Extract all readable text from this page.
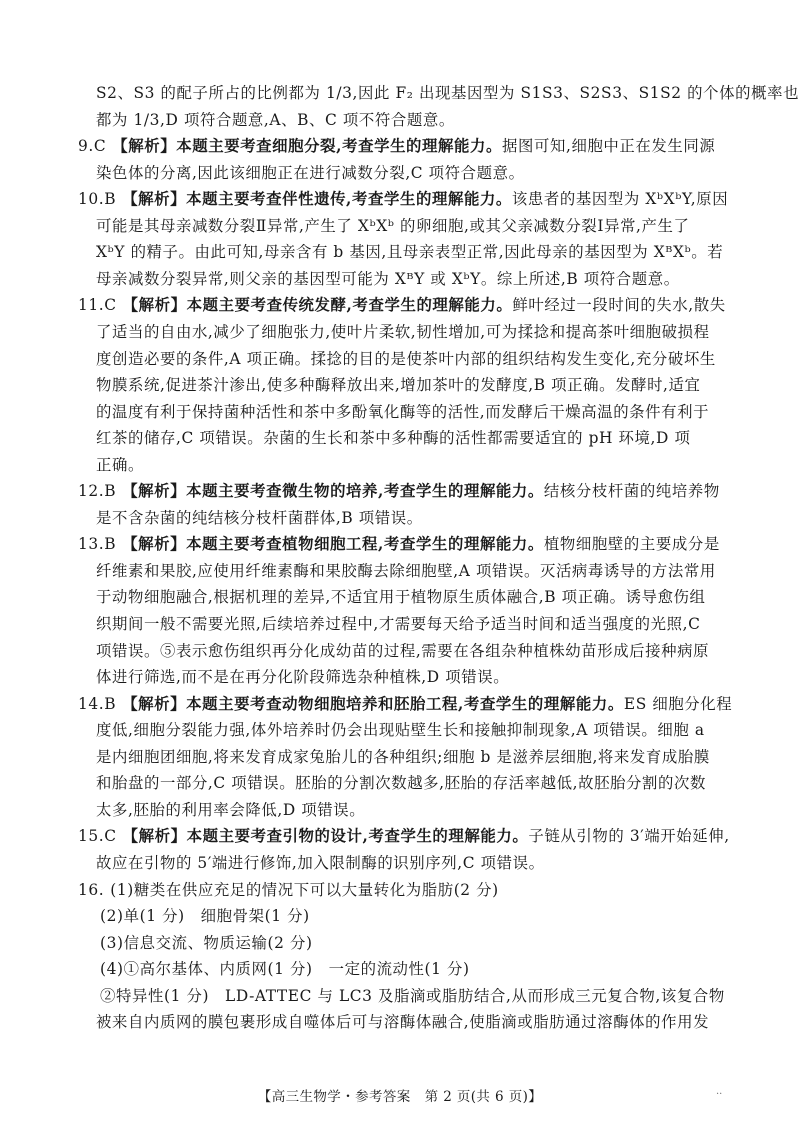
S2、S3 的配子所占的比例都为 1/3,因此 F₂ 出现基因型为 S1S3、S2S3、S1S2 的个体的概率也
都为 1/3,D 项符合题意,A、B、C 项不符合题意。
9.C 【解析】本题主要考查细胞分裂,考查学生的理解能力。据图可知,细胞中正在发生同源
染色体的分离,因此该细胞正在进行减数分裂,C 项符合题意。
10.B 【解析】本题主要考查伴性遗传,考查学生的理解能力。该患者的基因型为 XᵇXᵇY,原因
可能是其母亲减数分裂Ⅱ异常,产生了 XᵇXᵇ 的卵细胞,或其父亲减数分裂Ⅰ异常,产生了
XᵇY 的精子。由此可知,母亲含有 b 基因,且母亲表型正常,因此母亲的基因型为 XᴮXᵇ。若
母亲减数分裂异常,则父亲的基因型可能为 XᴮY 或 XᵇY。综上所述,B 项符合题意。
11.C 【解析】本题主要考查传统发酵,考查学生的理解能力。鲜叶经过一段时间的失水,散失
了适当的自由水,减少了细胞张力,使叶片柔软,韧性增加,可为揉捻和提高茶叶细胞破损程
度创造必要的条件,A 项正确。揉捻的目的是使茶叶内部的组织结构发生变化,充分破坏生
物膜系统,促进茶汁渗出,使多种酶释放出来,增加茶叶的发酵度,B 项正确。发酵时,适宜
的温度有利于保持菌种活性和茶中多酚氧化酶等的活性,而发酵后干燥高温的条件有利于
红茶的储存,C 项错误。杂菌的生长和茶中多种酶的活性都需要适宜的 pH 环境,D 项
正确。
12.B 【解析】本题主要考查微生物的培养,考查学生的理解能力。结核分枝杆菌的纯培养物
是不含杂菌的纯结核分枝杆菌群体,B 项错误。
13.B 【解析】本题主要考查植物细胞工程,考查学生的理解能力。植物细胞壁的主要成分是
纤维素和果胶,应使用纤维素酶和果胶酶去除细胞壁,A 项错误。灭活病毒诱导的方法常用
于动物细胞融合,根据机理的差异,不适宜用于植物原生质体融合,B 项正确。诱导愈伤组
织期间一般不需要光照,后续培养过程中,才需要每天给予适当时间和适当强度的光照,C
项错误。⑤表示愈伤组织再分化成幼苗的过程,需要在各组杂种植株幼苗形成后接种病原
体进行筛选,而不是在再分化阶段筛选杂种植株,D 项错误。
14.B 【解析】本题主要考查动物细胞培养和胚胎工程,考查学生的理解能力。ES 细胞分化程
度低,细胞分裂能力强,体外培养时仍会出现贴壁生长和接触抑制现象,A 项错误。细胞 a
是内细胞团细胞,将来发育成家兔胎儿的各种组织;细胞 b 是滋养层细胞,将来发育成胎膜
和胎盘的一部分,C 项错误。胚胎的分割次数越多,胚胎的存活率越低,故胚胎分割的次数
太多,胚胎的利用率会降低,D 项错误。
15.C 【解析】本题主要考查引物的设计,考查学生的理解能力。子链从引物的 3′端开始延伸,
故应在引物的 5′端进行修饰,加入限制酶的识别序列,C 项错误。
16. (1)糖类在供应充足的情况下可以大量转化为脂肪(2 分)
(2)单(1 分)　细胞骨架(1 分)
(3)信息交流、物质运输(2 分)
(4)①高尔基体、内质网(1 分)　一定的流动性(1 分)
②特异性(1 分)　LD-ATTEC 与 LC3 及脂滴或脂肪结合,从而形成三元复合物,该复合物
被来自内质网的膜包裹形成自噬体后可与溶酶体融合,使脂滴或脂肪通过溶酶体的作用发
【高三生物学・参考答案　第 2 页(共 6 页)】	··
